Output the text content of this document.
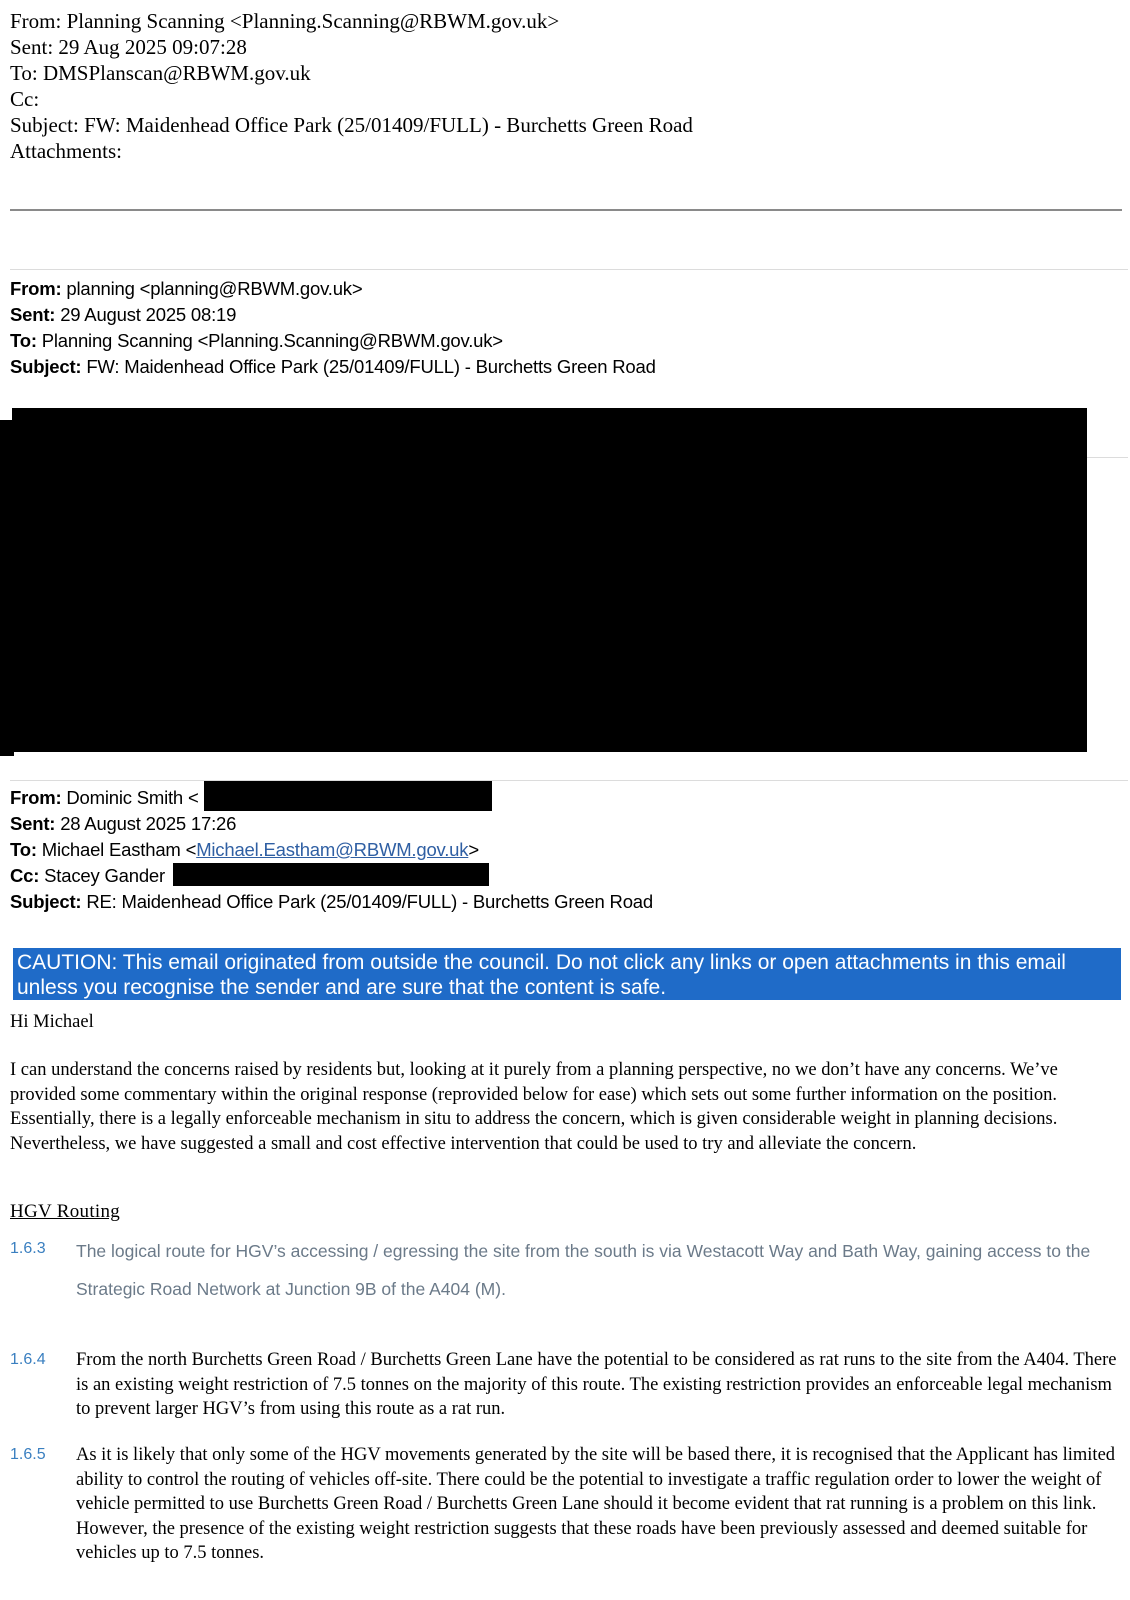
From: Planning Scanning <Planning.Scanning@RBWM.gov.uk>
Sent: 29 Aug 2025 09:07:28
To: DMSPlanscan@RBWM.gov.uk
Cc:
Subject: FW: Maidenhead Office Park (25/01409/FULL) - Burchetts Green Road
Attachments:
From: planning <planning@RBWM.gov.uk>
Sent: 29 August 2025 08:19
To: Planning Scanning <Planning.Scanning@RBWM.gov.uk>
Subject: FW: Maidenhead Office Park (25/01409/FULL) - Burchetts Green Road
From: Dominic Smith <
Sent: 28 August 2025 17:26
To: Michael Eastham <Michael.Eastham@RBWM.gov.uk>
Cc: Stacey Gander
Subject: RE: Maidenhead Office Park (25/01409/FULL) - Burchetts Green Road
CAUTION: This email originated from outside the council. Do not click any links or open attachments in this email unless you recognise the sender and are sure that the content is safe.
Hi Michael
I can understand the concerns raised by residents but, looking at it purely from a planning perspective, no we don’t have any concerns. We’ve provided some commentary within the original response (reprovided below for ease) which sets out some further information on the position. Essentially, there is a legally enforceable mechanism in situ to address the concern, which is given considerable weight in planning decisions. Nevertheless, we have suggested a small and cost effective intervention that could be used to try and alleviate the concern.
HGV Routing
1.6.3 The logical route for HGV’s accessing / egressing the site from the south is via Westacott Way and Bath Way, gaining access to the Strategic Road Network at Junction 9B of the A404 (M).
1.6.4 From the north Burchetts Green Road / Burchetts Green Lane have the potential to be considered as rat runs to the site from the A404. There is an existing weight restriction of 7.5 tonnes on the majority of this route. The existing restriction provides an enforceable legal mechanism to prevent larger HGV’s from using this route as a rat run.
1.6.5 As it is likely that only some of the HGV movements generated by the site will be based there, it is recognised that the Applicant has limited ability to control the routing of vehicles off-site. There could be the potential to investigate a traffic regulation order to lower the weight of vehicle permitted to use Burchetts Green Road / Burchetts Green Lane should it become evident that rat running is a problem on this link. However, the presence of the existing weight restriction suggests that these roads have been previously assessed and deemed suitable for vehicles up to 7.5 tonnes.
